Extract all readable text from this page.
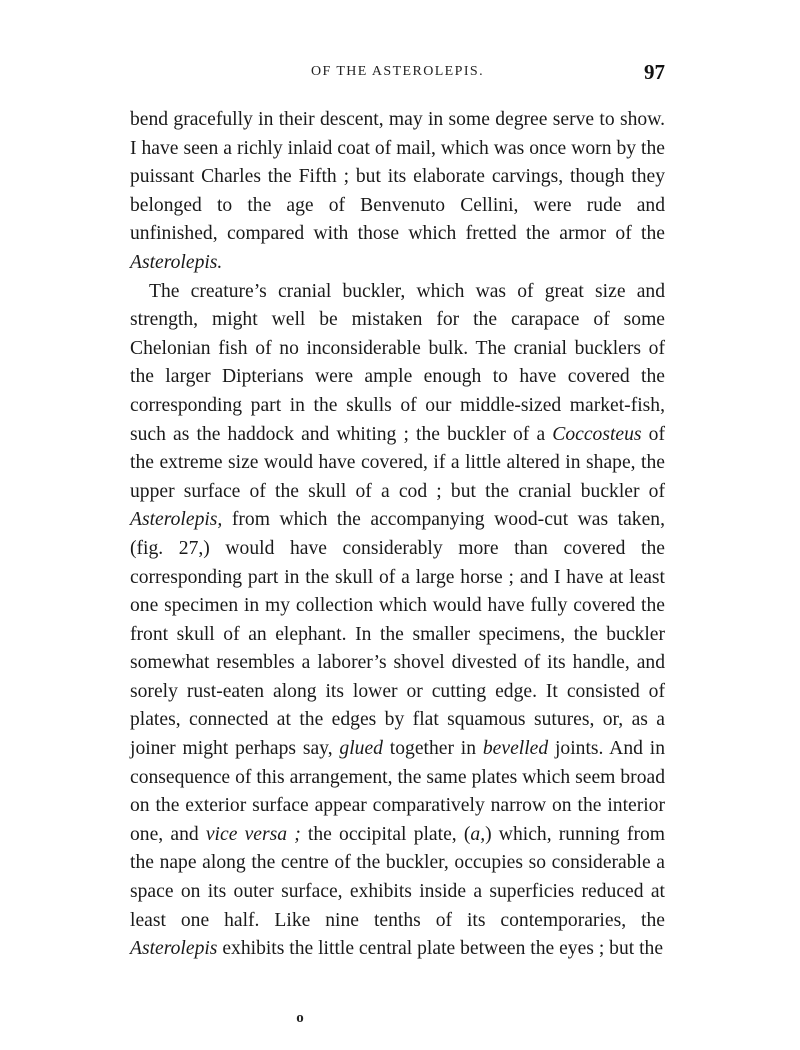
OF THE ASTEROLEPIS.	97

bend gracefully in their descent, may in some degree serve to show. I have seen a richly inlaid coat of mail, which was once worn by the puissant Charles the Fifth ; but its elaborate carvings, though they belonged to the age of Benvenuto Cellini, were rude and unfinished, compared with those which fretted the armor of the Asterolepis.

The creature’s cranial buckler, which was of great size and strength, might well be mistaken for the carapace of some Chelonian fish of no inconsiderable bulk. The cranial bucklers of the larger Dipterians were ample enough to have covered the corresponding part in the skulls of our middle-sized market-fish, such as the haddock and whiting ; the buckler of a Coccosteus of the extreme size would have covered, if a little altered in shape, the upper surface of the skull of a cod ; but the cranial buckler of Asterolepis, from which the accompanying wood-cut was taken, (fig. 27,) would have considerably more than covered the corresponding part in the skull of a large horse ; and I have at least one specimen in my collection which would have fully covered the front skull of an elephant. In the smaller specimens, the buckler somewhat resembles a laborer’s shovel divested of its handle, and sorely rust-eaten along its lower or cutting edge. It consisted of plates, connected at the edges by flat squamous sutures, or, as a joiner might perhaps say, glued together in bevelled joints. And in consequence of this arrangement, the same plates which seem broad on the exterior surface appear comparatively narrow on the interior one, and vice versa ; the occipital plate, (a,) which, running from the nape along the centre of the buckler, occupies so considerable a space on its outer surface, exhibits inside a superficies reduced at least one half. Like nine tenths of its contemporaries, the Asterolepis exhibits the little central plate between the eyes ; but the

o
